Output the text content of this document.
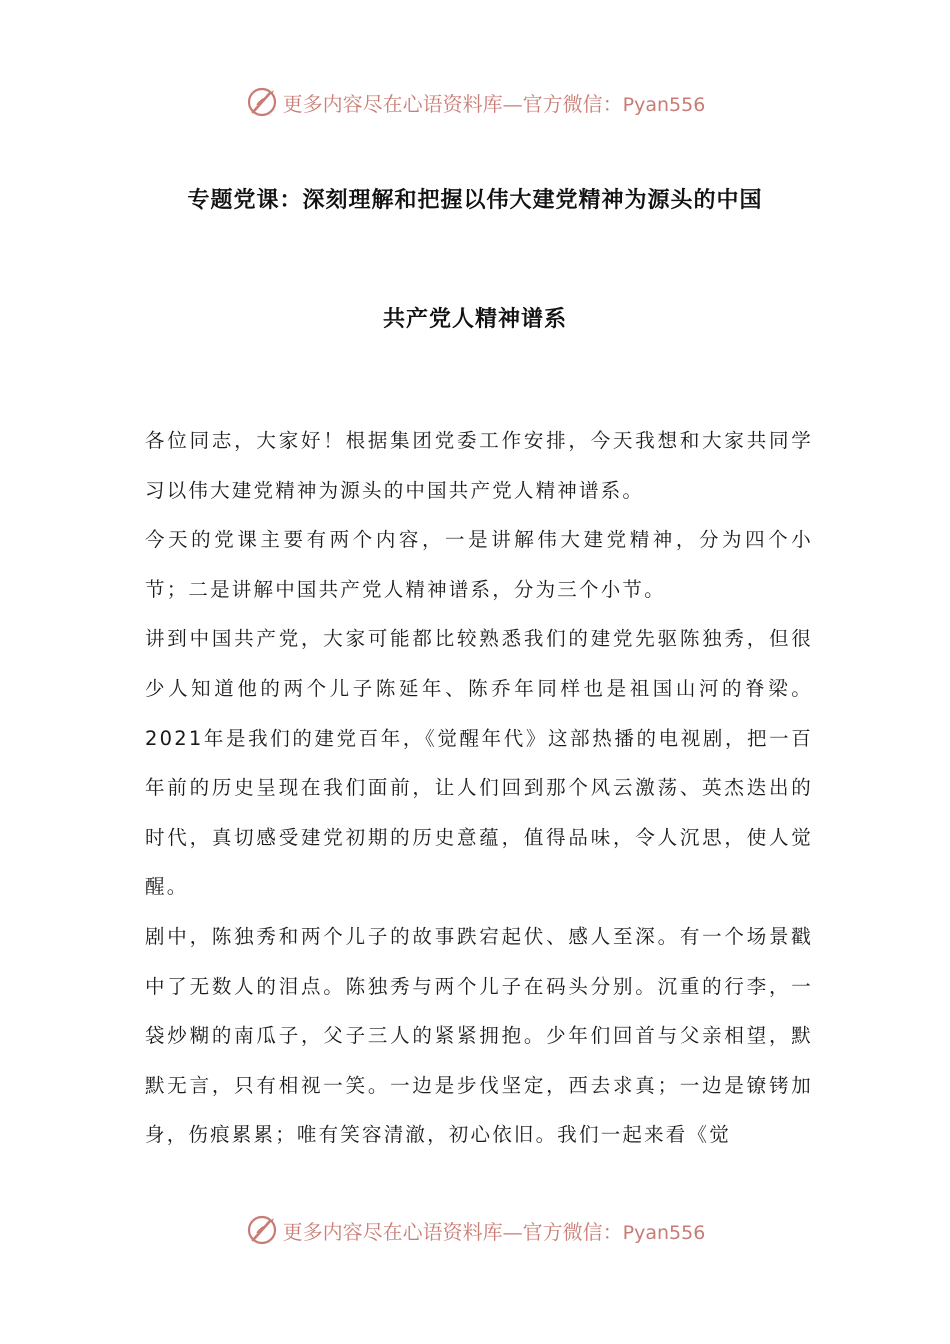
更多内容尽在心语资料库—官方微信：Pyan556
专题党课：深刻理解和把握以伟大建党精神为源头的中国
共产党人精神谱系

各位同志，大家好！根据集团党委工作安排，今天我想和大家共同学习以伟大建党精神为源头的中国共产党人精神谱系。

今天的党课主要有两个内容，一是讲解伟大建党精神，分为四个小节；二是讲解中国共产党人精神谱系，分为三个小节。

讲到中国共产党，大家可能都比较熟悉我们的建党先驱陈独秀，但很少人知道他的两个儿子陈延年、陈乔年同样也是祖国山河的脊梁。2021年是我们的建党百年，《觉醒年代》这部热播的电视剧，把一百年前的历史呈现在我们面前，让人们回到那个风云激荡、英杰迭出的时代，真切感受建党初期的历史意蕴，值得品味，令人沉思，使人觉醒。

剧中，陈独秀和两个儿子的故事跌宕起伏、感人至深。有一个场景戳中了无数人的泪点。陈独秀与两个儿子在码头分别。沉重的行李，一袋炒糊的南瓜子，父子三人的紧紧拥抱。少年们回首与父亲相望，默默无言，只有相视一笑。一边是步伐坚定，西去求真；一边是镣铐加身，伤痕累累；唯有笑容清澈，初心依旧。我们一起来看《觉

更多内容尽在心语资料库—官方微信：Pyan556
